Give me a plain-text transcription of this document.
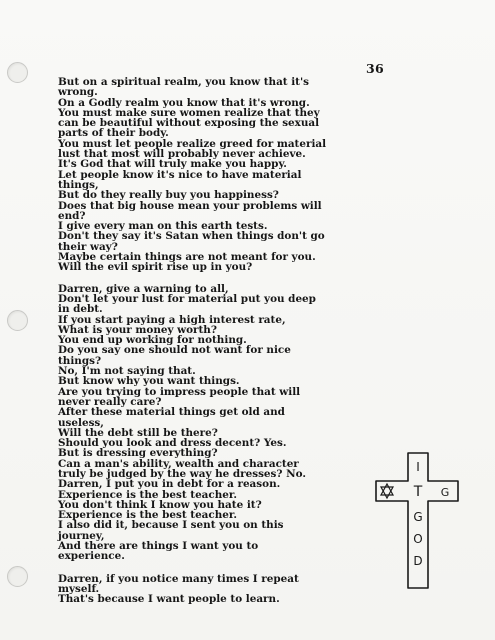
36
But on a spiritual realm, you know that it's
wrong.
On a Godly realm you know that it's wrong.
You must make sure women realize that they
can be beautiful without exposing the sexual
parts of their body.
You must let people realize greed for material
lust that most will probably never achieve.
It's God that will truly make you happy.
Let people know it's nice to have material
things,
But do they really buy you happiness?
Does that big house mean your problems will
end?
I give every man on this earth tests.
Don't they say it's Satan when things don't go
their way?
Maybe certain things are not meant for you.
Will the evil spirit rise up in you?
Darren, give a warning to all,
Don't let your lust for material put you deep
in debt.
If you start paying a high interest rate,
What is your money worth?
You end up working for nothing.
Do you say one should not want for nice
things?
No, I'm not saying that.
But know why you want things.
Are you trying to impress people that will
never really care?
After these material things get old and
useless,
Will the debt still be there?
Should you look and dress decent? Yes.
But is dressing everything?
Can a man's ability, wealth and character
truly be judged by the way he dresses? No.
Darren, I put you in debt for a reason.
Experience is the best teacher.
You don't think I know you hate it?
Experience is the best teacher.
I also did it, because I sent you on this
journey,
And there are things I want you to
experience.
Darren, if you notice many times I repeat
myself.
That's because I want people to learn.
I
T G
G
O
D
